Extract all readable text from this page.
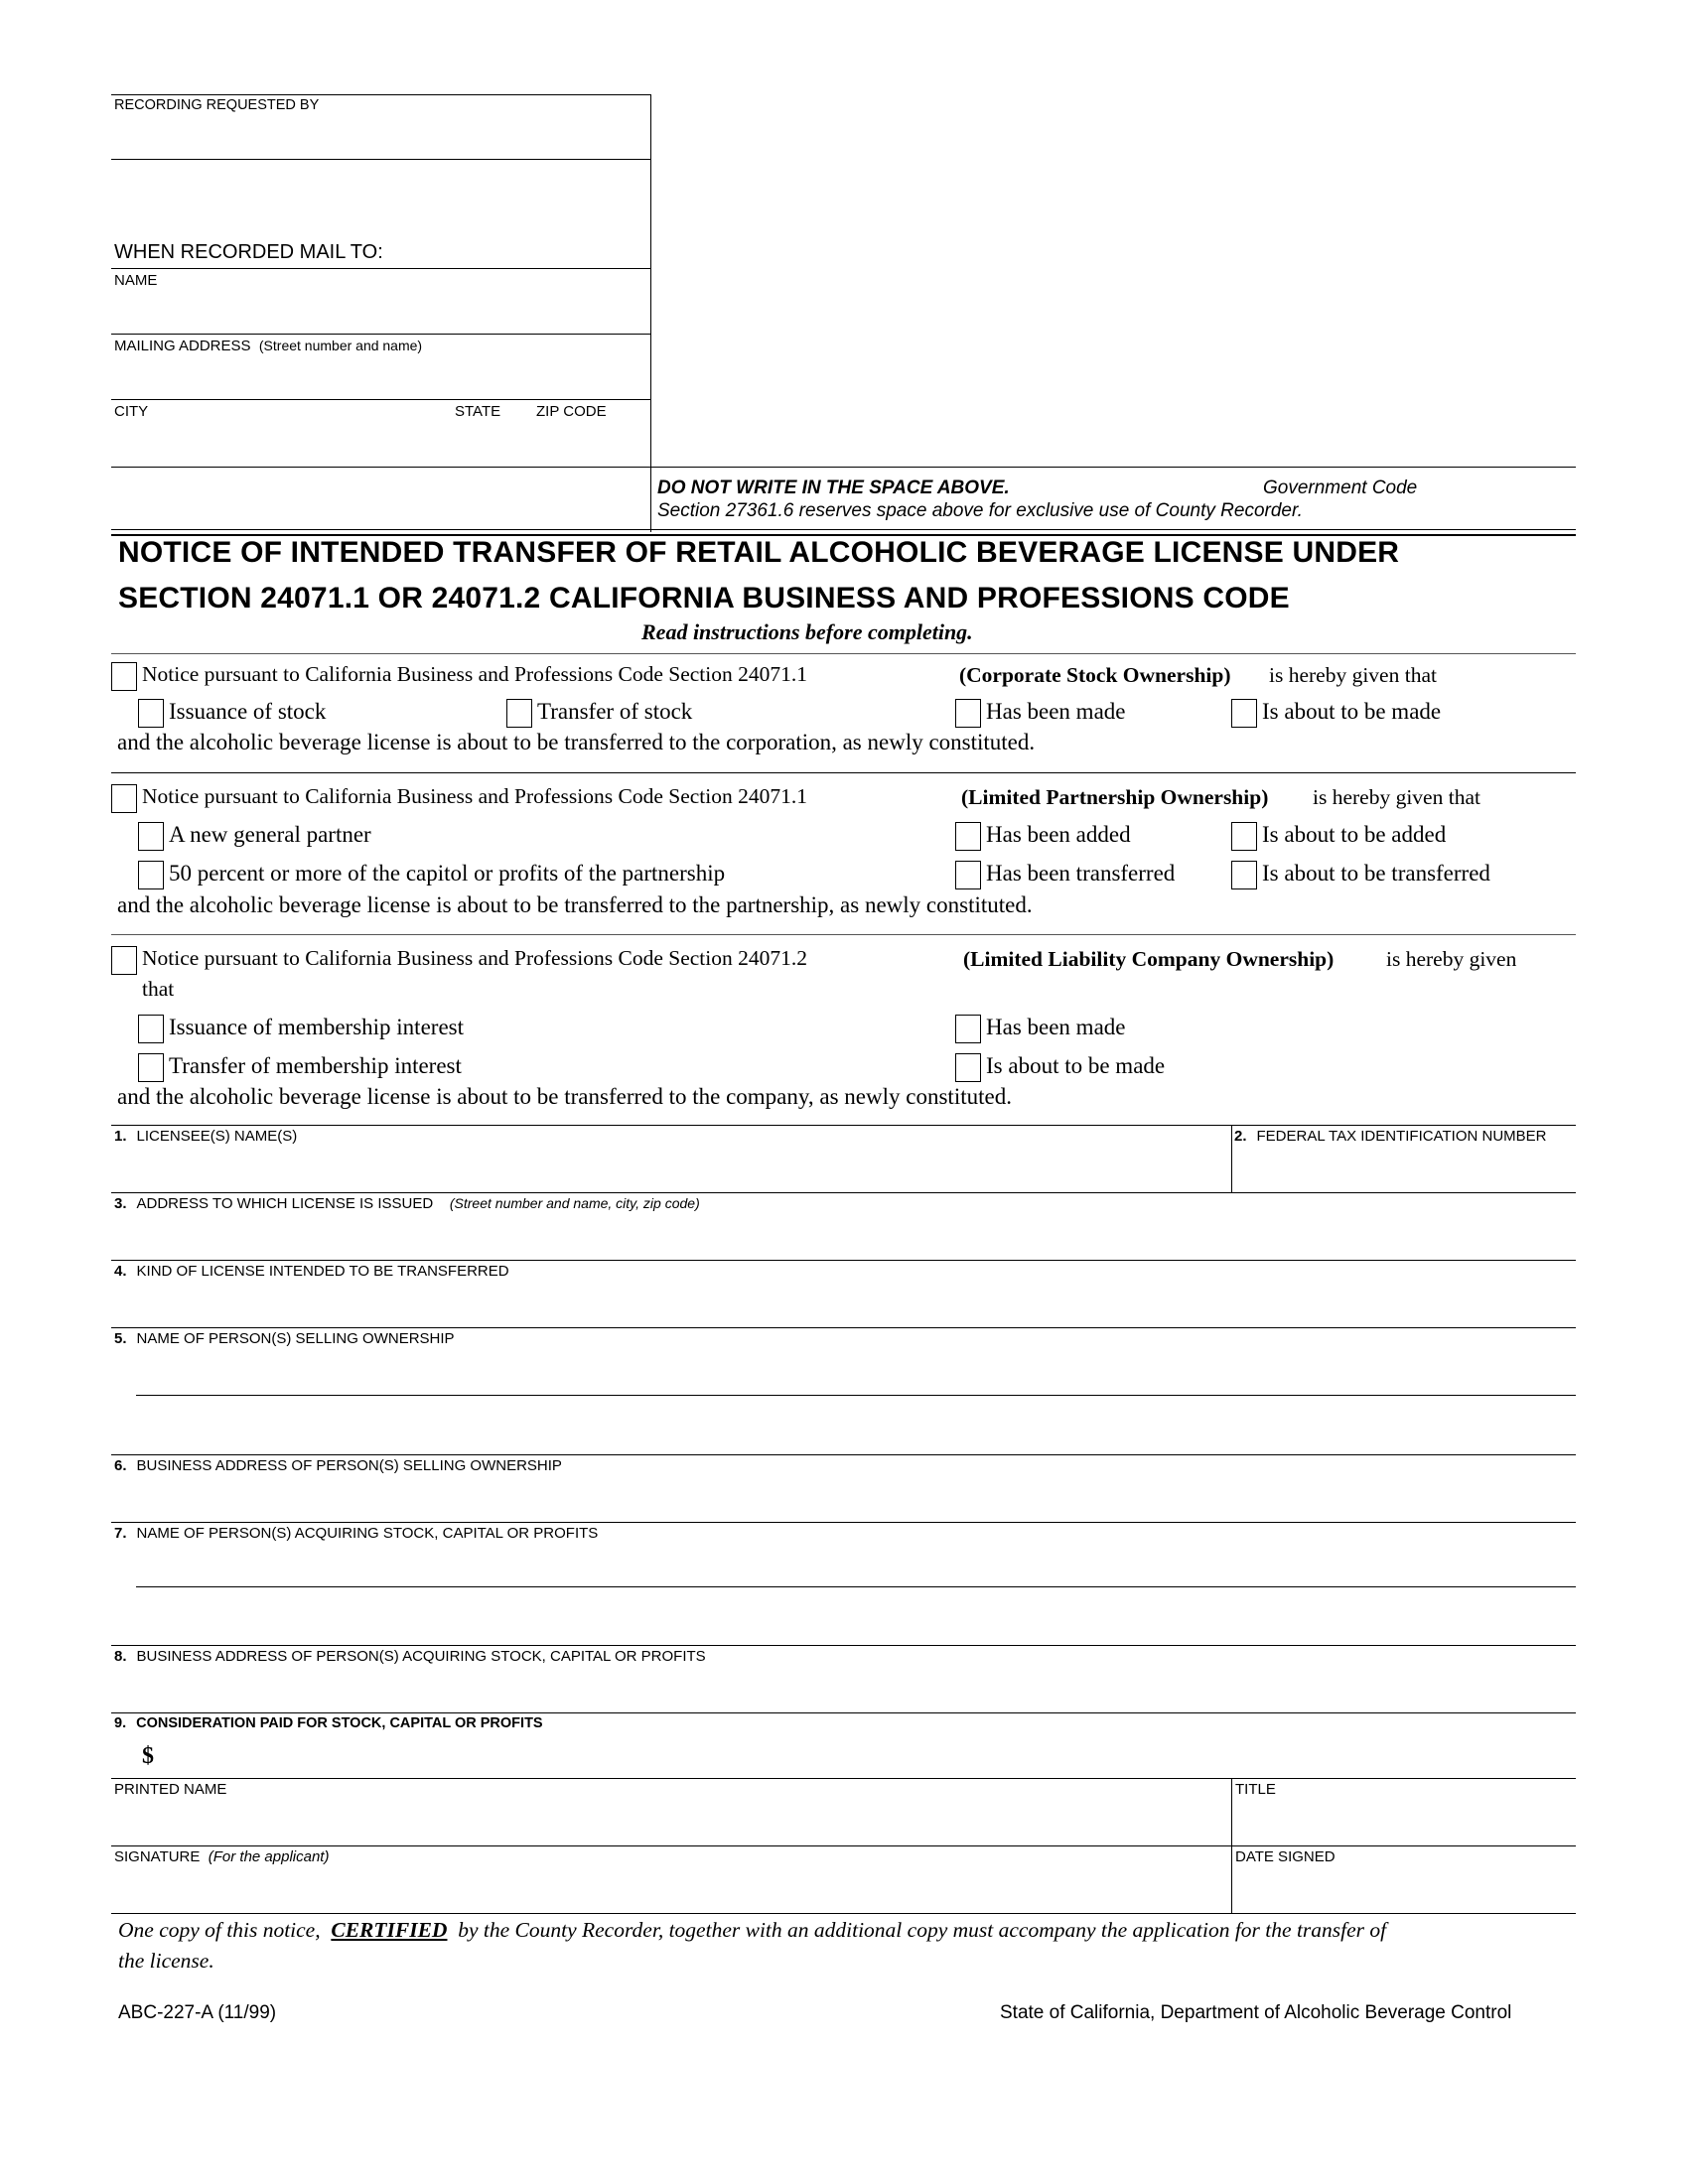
RECORDING REQUESTED BY
WHEN RECORDED MAIL TO:
NAME
MAILING ADDRESS (Street number and name)
CITY	STATE ZIP CODE
DO NOT WRITE IN THE SPACE ABOVE.	Government Code
Section 27361.6 reserves space above for exclusive use of County Recorder.
NOTICE OF INTENDED TRANSFER OF RETAIL ALCOHOLIC BEVERAGE LICENSE UNDER
SECTION 24071.1 OR 24071.2 CALIFORNIA BUSINESS AND PROFESSIONS CODE
Read instructions before completing.
Notice pursuant to California Business and Professions Code Section 24071.1	(Corporate Stock Ownership) is hereby given that
Issuance of stock	Transfer of stock	Has been made	Is about to be made
and the alcoholic beverage license is about to be transferred to the corporation, as newly constituted.
Notice pursuant to California Business and Professions Code Section 24071.1	(Limited Partnership Ownership) is hereby given that
A new general partner	Has been added	Is about to be added
50 percent or more of the capitol or profits of the partnership	Has been transferred	Is about to be transferred
and the alcoholic beverage license is about to be transferred to the partnership, as newly constituted.
Notice pursuant to California Business and Professions Code Section 24071.2	(Limited Liability Company Ownership) is hereby given
that
Issuance of membership interest	Has been made
Transfer of membership interest	Is about to be made
and the alcoholic beverage license is about to be transferred to the company, as newly constituted.
1. LICENSEE(S) NAME(S)	2. FEDERAL TAX IDENTIFICATION NUMBER
3. ADDRESS TO WHICH LICENSE IS ISSUED (Street number and name, city, zip code)
4. KIND OF LICENSE INTENDED TO BE TRANSFERRED
5. NAME OF PERSON(S) SELLING OWNERSHIP
6. BUSINESS ADDRESS OF PERSON(S) SELLING OWNERSHIP
7. NAME OF PERSON(S) ACQUIRING STOCK, CAPITAL OR PROFITS
8. BUSINESS ADDRESS OF PERSON(S) ACQUIRING STOCK, CAPITAL OR PROFITS
9. CONSIDERATION PAID FOR STOCK, CAPITAL OR PROFITS
$
PRINTED NAME	TITLE
SIGNATURE (For the applicant)	DATE SIGNED
One copy of this notice, CERTIFIED by the County Recorder, together with an additional copy must accompany the application for the transfer of
the license.
ABC-227-A (11/99)	State of California, Department of Alcoholic Beverage Control
